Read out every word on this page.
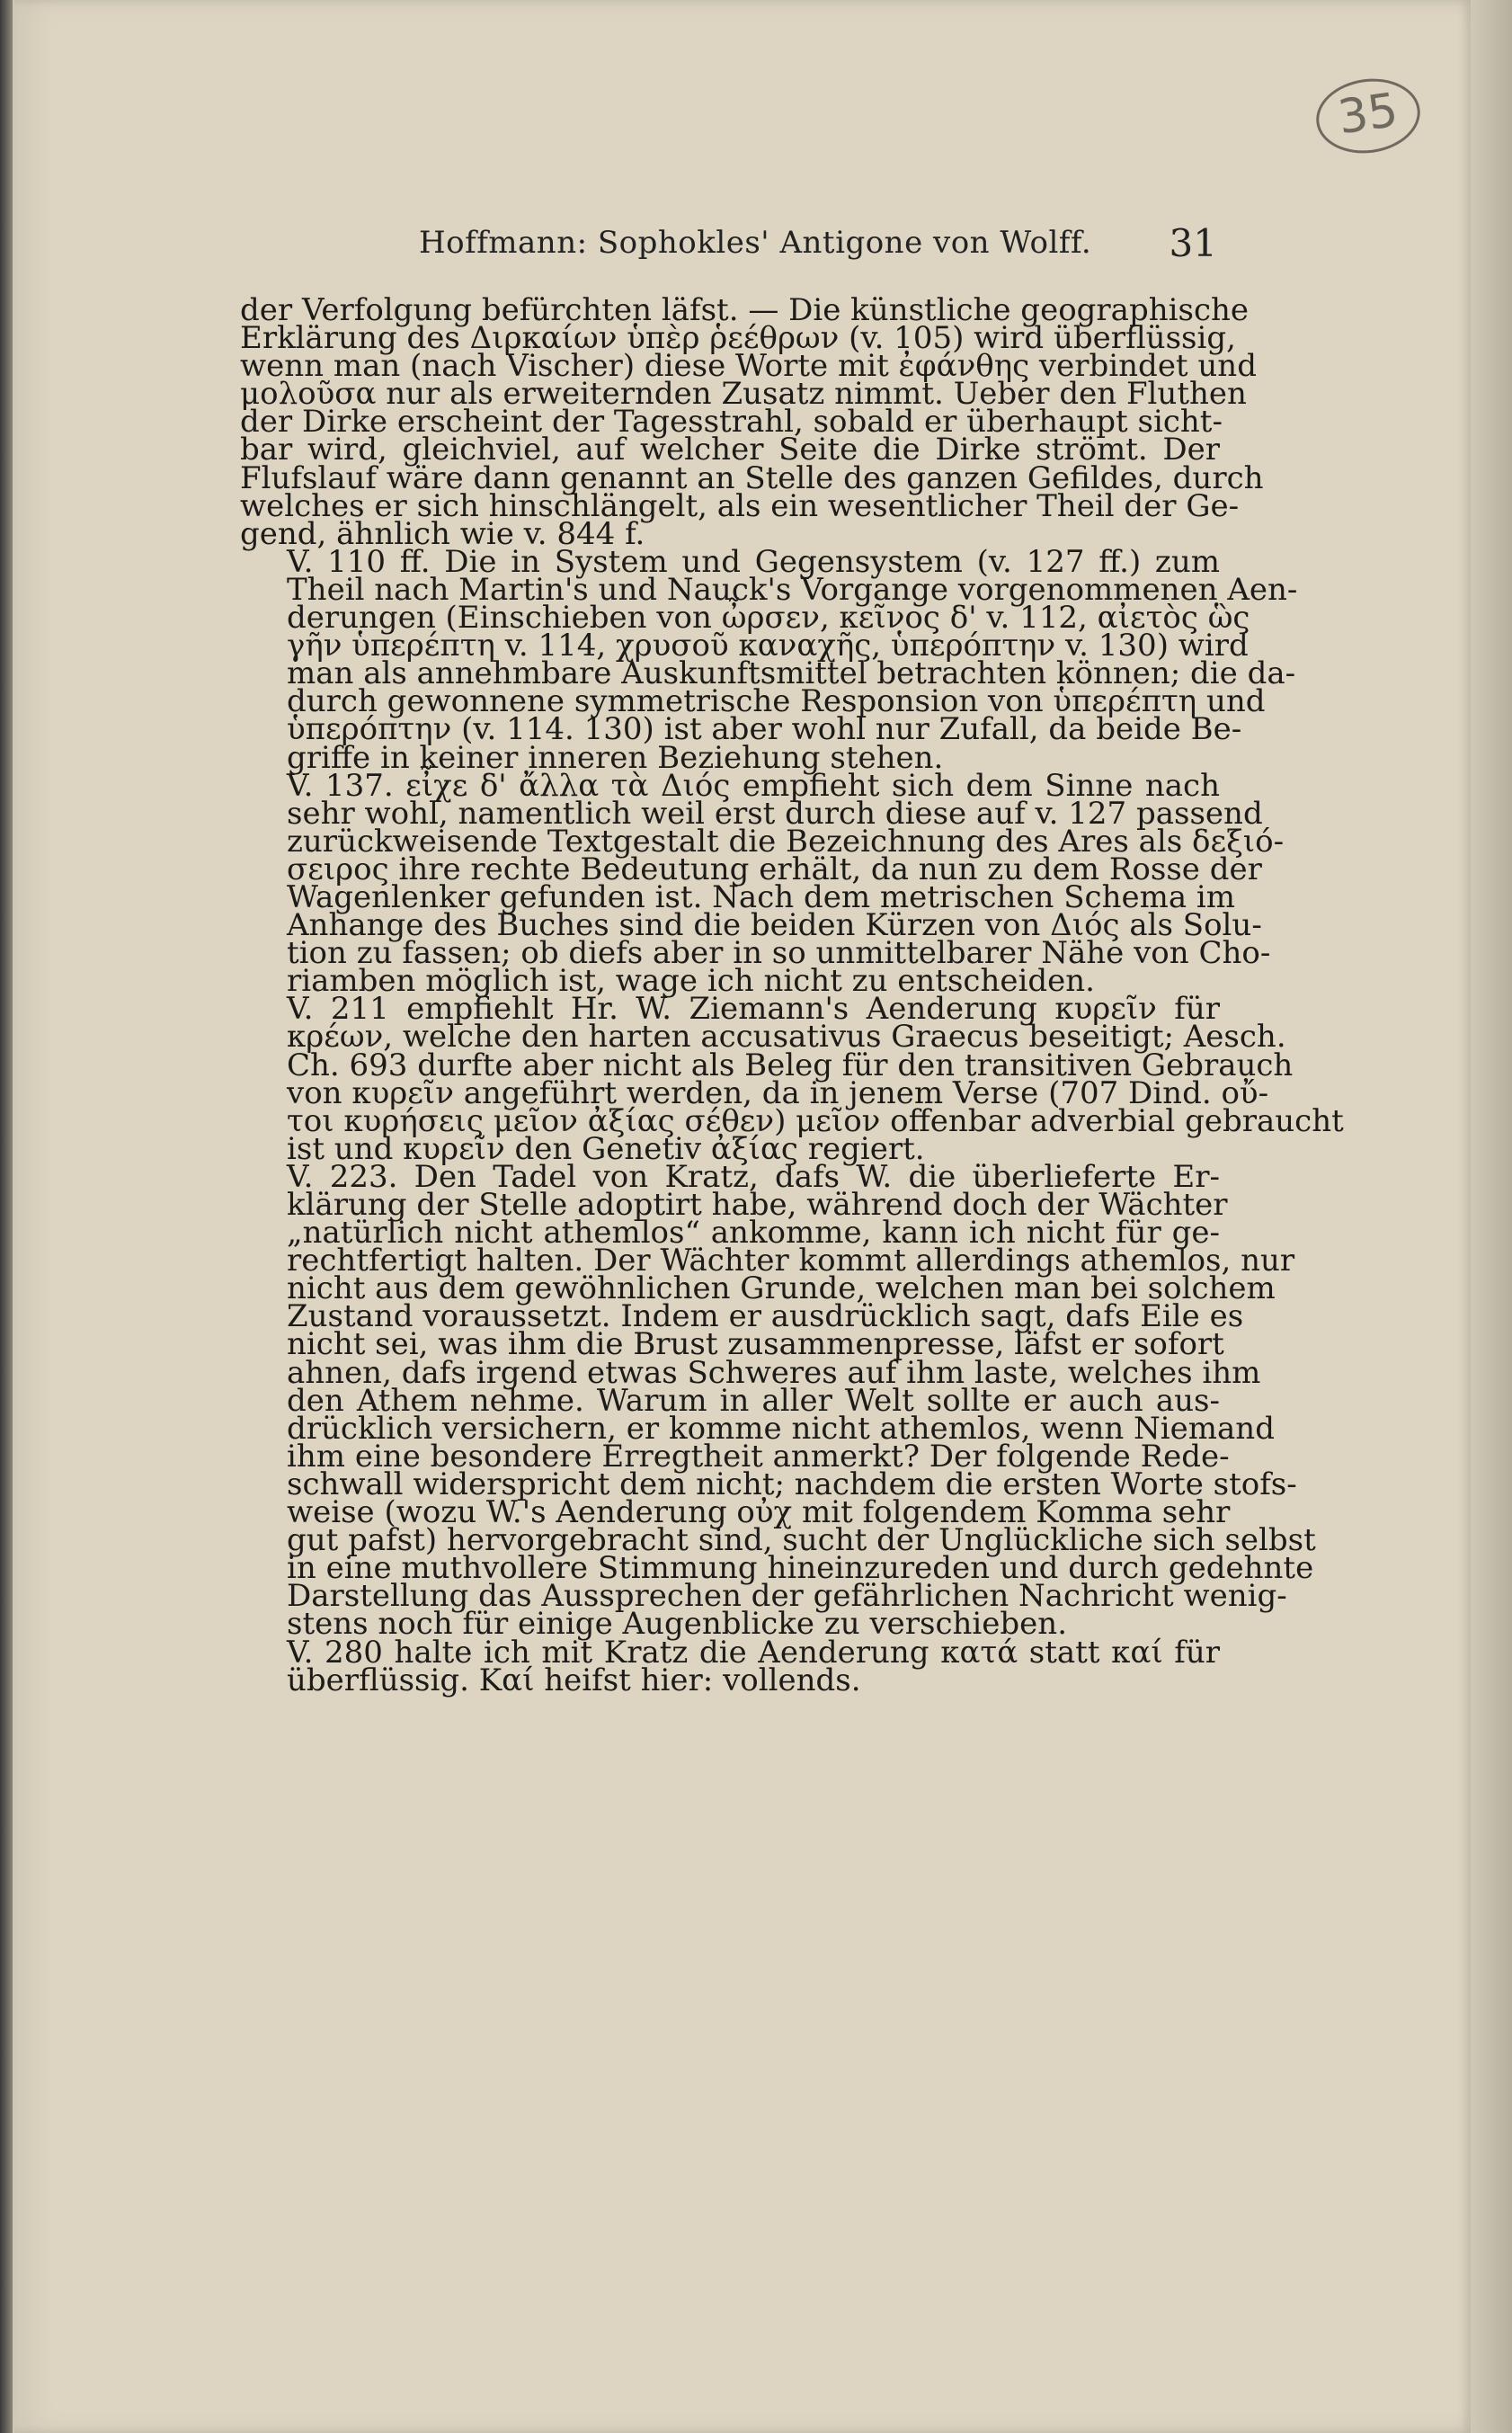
35
Hoffmann: Sophokles' Antigone von Wolff. 31
der Verfolgung befürchten läfst. — Die künstliche geographische
Erklärung des Διρκαίων ὑπὲρ ῥεέθρων (v. 105) wird überflüssig,
wenn man (nach Vischer) diese Worte mit ἐφάνθης verbindet und
μολοῦσα nur als erweiternden Zusatz nimmt. Ueber den Fluthen
der Dirke erscheint der Tagesstrahl, sobald er überhaupt sicht-
bar wird, gleichviel, auf welcher Seite die Dirke strömt. Der
Flufslauf wäre dann genannt an Stelle des ganzen Gefildes, durch
welches er sich hinschlängelt, als ein wesentlicher Theil der Ge-
gend, ähnlich wie v. 844 f.
V. 110 ff. Die in System und Gegensystem (v. 127 ff.) zum
Theil nach Martin's und Nauck's Vorgange vorgenommenen Aen-
derungen (Einschieben von ὦρσεν, κεῖνος δ' v. 112, αἰετὸς ὣς
γῆν ὑπερέπτη v. 114, χρυσοῦ καναχῆς, ὑπερόπτην v. 130) wird
man als annehmbare Auskunftsmittel betrachten können; die da-
durch gewonnene symmetrische Responsion von ὑπερέπτη und
ὑπερόπτην (v. 114. 130) ist aber wohl nur Zufall, da beide Be-
griffe in keiner inneren Beziehung stehen.
V. 137. εἶχε δ' ἄλλα τὰ Διός empfieht sich dem Sinne nach
sehr wohl, namentlich weil erst durch diese auf v. 127 passend
zurückweisende Textgestalt die Bezeichnung des Ares als δεξιό-
σειρος ihre rechte Bedeutung erhält, da nun zu dem Rosse der
Wagenlenker gefunden ist. Nach dem metrischen Schema im
Anhange des Buches sind die beiden Kürzen von Διός als Solu-
tion zu fassen; ob diefs aber in so unmittelbarer Nähe von Cho-
riamben möglich ist, wage ich nicht zu entscheiden.
V. 211 empfiehlt Hr. W. Ziemann's Aenderung κυρεῖν für
κρέων, welche den harten accusativus Graecus beseitigt; Aesch.
Ch. 693 durfte aber nicht als Beleg für den transitiven Gebrauch
von κυρεῖν angeführt werden, da in jenem Verse (707 Dind. οὔ-
τοι κυρήσεις μεῖον ἀξίας σέθεν) μεῖον offenbar adverbial gebraucht
ist und κυρεῖν den Genetiv ἀξίας regiert.
V. 223. Den Tadel von Kratz, dafs W. die überlieferte Er-
klärung der Stelle adoptirt habe, während doch der Wächter
„natürlich nicht athemlos“ ankomme, kann ich nicht für ge-
rechtfertigt halten. Der Wächter kommt allerdings athemlos, nur
nicht aus dem gewöhnlichen Grunde, welchen man bei solchem
Zustand voraussetzt. Indem er ausdrücklich sagt, dafs Eile es
nicht sei, was ihm die Brust zusammenpresse, läfst er sofort
ahnen, dafs irgend etwas Schweres auf ihm laste, welches ihm
den Athem nehme. Warum in aller Welt sollte er auch aus-
drücklich versichern, er komme nicht athemlos, wenn Niemand
ihm eine besondere Erregtheit anmerkt? Der folgende Rede-
schwall widerspricht dem nicht; nachdem die ersten Worte stofs-
weise (wozu W.'s Aenderung οὐχ mit folgendem Komma sehr
gut pafst) hervorgebracht sind, sucht der Unglückliche sich selbst
in eine muthvollere Stimmung hineinzureden und durch gedehnte
Darstellung das Aussprechen der gefährlichen Nachricht wenig-
stens noch für einige Augenblicke zu verschieben.
V. 280 halte ich mit Kratz die Aenderung κατά statt καί für
überflüssig. Καί heifst hier: vollends.
